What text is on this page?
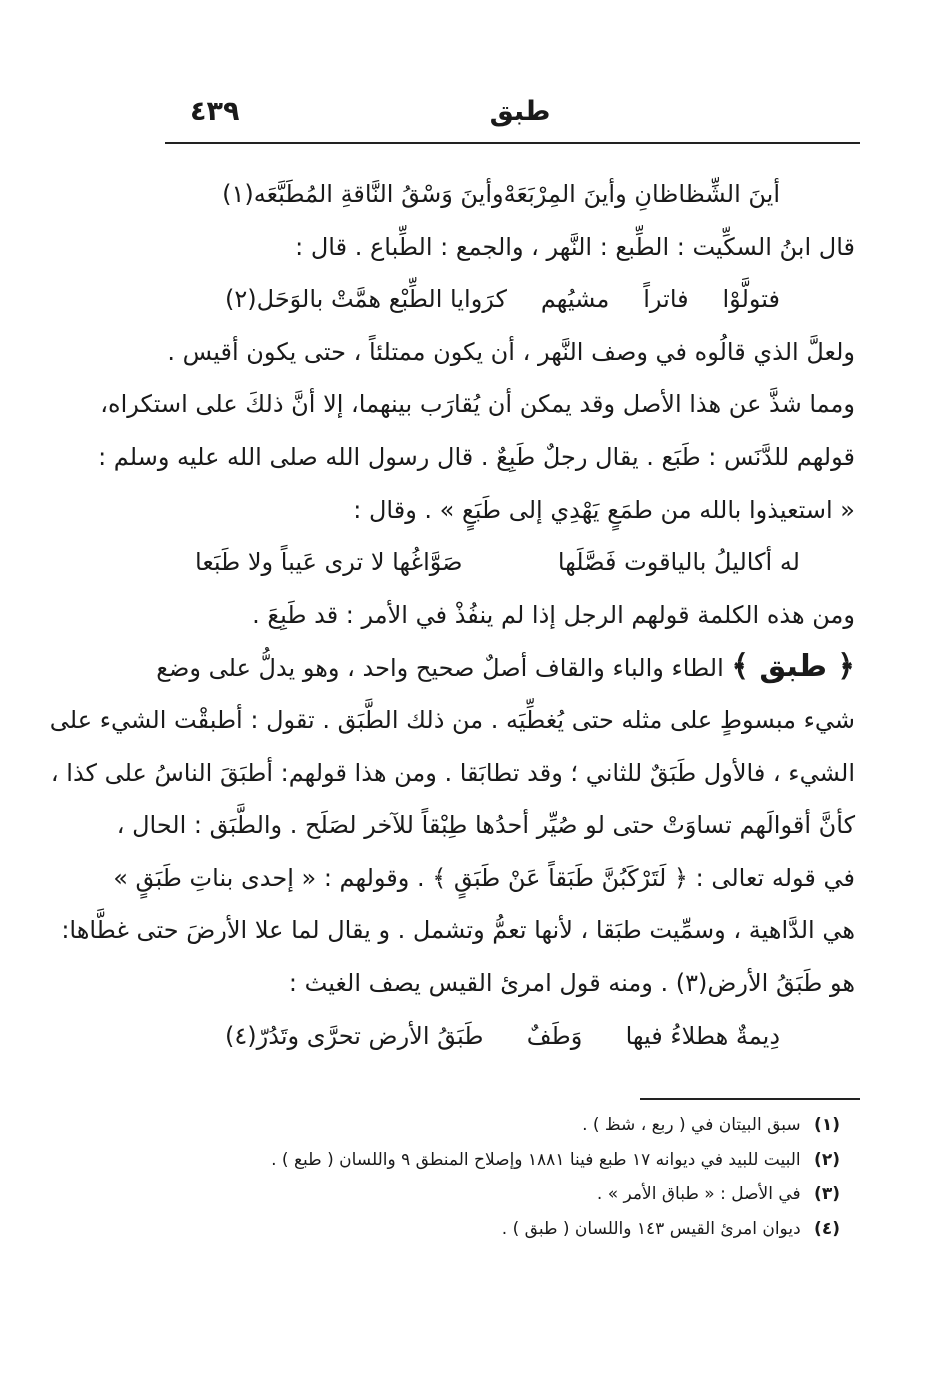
طبق
٤٣٩
أينَ الشِّظاظانِ وأينَ المِرْبَعَهْ
وأينَ وَسْقُ النَّاقةِ المُطَبَّعَه(١)
قال ابنُ السكِّيت : الطِّبع : النَّهر ، والجمع : الطِّباع . قال :
فتولَّوْا
فاتراً
مشيُهم
كرَوايا الطِّبْع همَّتْ بالوَحَل(٢)
ولعلَّ الذي قالُوه في وصف النَّهر ، أن يكون ممتلئاً ، حتى يكون أقيس .
ومما شذَّ عن هذا الأصل وقد يمكن أن يُقارَب بينهما، إلا أنَّ ذلكَ على استكراه،
قولهم للدَّنَس : طَبَع . يقال رجلٌ طَبِعٌ . قال رسول الله صلى الله عليه وسلم :
« استعيذوا بالله من طمَعٍ يَهْدِي إلى طَبَعٍ » . وقال :
له أكاليلُ بالياقوت فَصَّلَها
صَوَّاغُها لا ترى عَيباً ولا طَبَعا
ومن هذه الكلمة قولهم الرجل إذا لم ينفُذْ في الأمر : قد طَبِعَ .
﴿ طبق ﴾ الطاء والباء والقاف أصلٌ صحيح واحد ، وهو يدلُّ على وضع
شيء مبسوطٍ على مثله حتى يُغطِّيَه . من ذلك الطَّبَق . تقول : أطبقْت الشيء على
الشيء ، فالأول طَبَقٌ للثاني ؛ وقد تطابَقا . ومن هذا قولهم: أطبَقَ الناسُ على كذا ،
كأنَّ أقوالَهم تساوَتْ حتى لو صُيِّر أحدُها طِبْقاً للآخر لصَلَح . والطَّبَق : الحال ،
في قوله تعالى : ﴿ لَتَرْكَبُنَّ طَبَقاً عَنْ طَبَقٍ ﴾ . وقولهم : « إحدى بناتِ طَبَقٍ »
هي الدَّاهية ، وسمِّيت طبَقا ، لأنها تعمُّ وتشمل . و يقال لما علا الأرضَ حتى غطَّاها:
هو طَبَقُ الأرض(٣) . ومنه قول امرئ القيس يصف الغيث :
دِيمةٌ هطلاءُ فيها
وَطَفٌ
طَبَقُ الأرض تحرَّى وتَدُرّ(٤)
(١) سبق البيتان في ( ربع ، شظ ) .
(٢) البيت للبيد في ديوانه ١٧ طبع فينا ١٨٨١ وإصلاح المنطق ٩ واللسان ( طبع ) .
(٣) في الأصل : « طباق الأمر » .
(٤) ديوان امرئ القيس ١٤٣ واللسان ( طبق ) .
